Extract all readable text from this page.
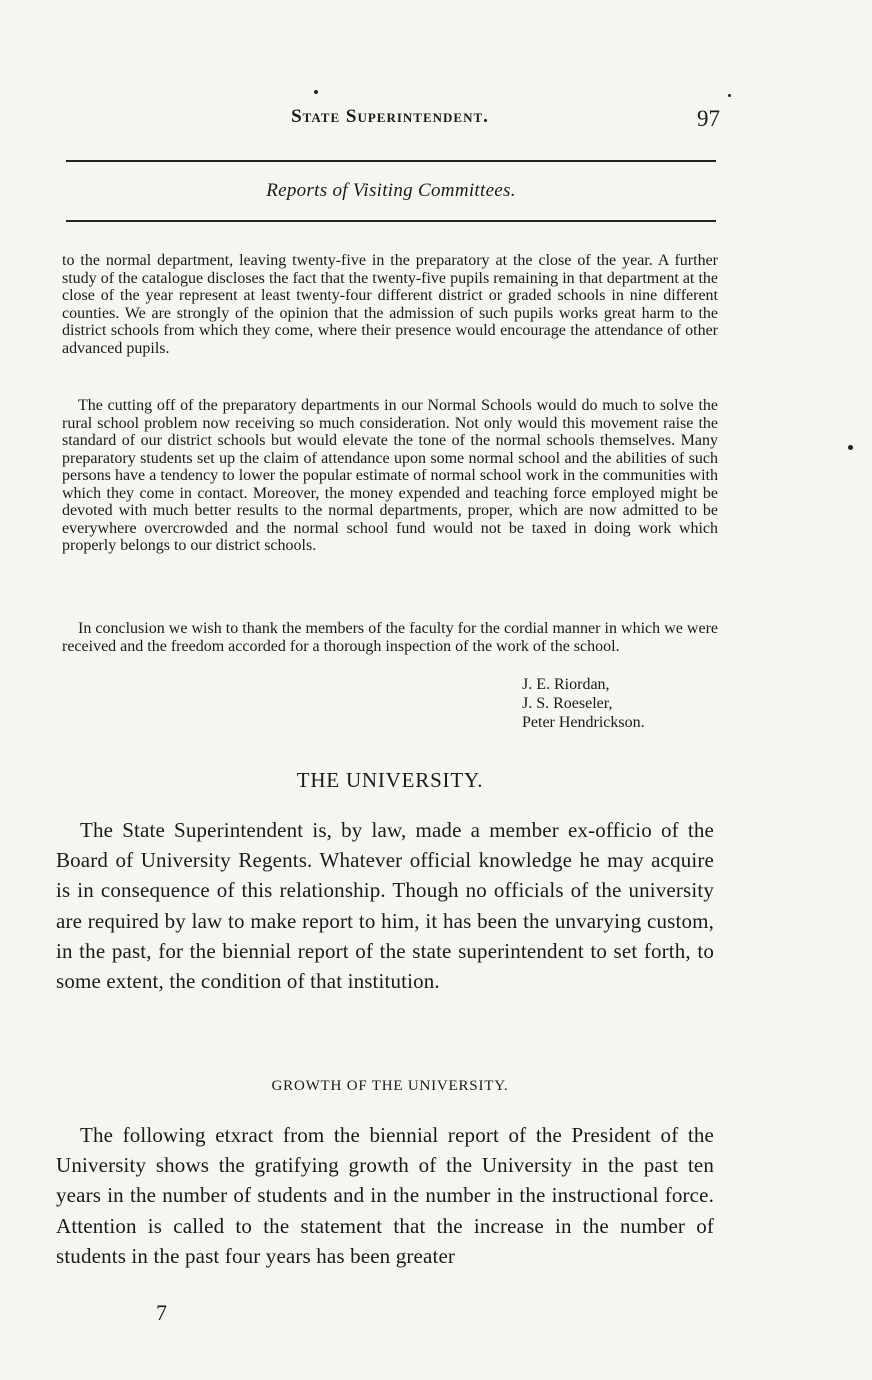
State Superintendent.	97
Reports of Visiting Committees.

to the normal department, leaving twenty-five in the preparatory at the close of the year. A further study of the catalogue discloses the fact that the twenty-five pupils remaining in that department at the close of the year represent at least twenty-four different district or graded schools in nine different counties. We are strongly of the opinion that the admission of such pupils works great harm to the district schools from which they come, where their presence would encourage the attendance of other advanced pupils.

The cutting off of the preparatory departments in our Normal Schools would do much to solve the rural school problem now receiving so much consideration. Not only would this movement raise the standard of our district schools but would elevate the tone of the normal schools themselves. Many preparatory students set up the claim of attendance upon some normal school and the abilities of such persons have a tendency to lower the popular estimate of normal school work in the communities with which they come in contact. Moreover, the money expended and teaching force employed might be devoted with much better results to the normal departments, proper, which are now admitted to be everywhere overcrowded and the normal school fund would not be taxed in doing work which properly belongs to our district schools.

In conclusion we wish to thank the members of the faculty for the cordial manner in which we were received and the freedom accorded for a thorough inspection of the work of the school.

J. E. Riordan,
J. S. Roeseler,
Peter Hendrickson.
THE UNIVERSITY.

The State Superintendent is, by law, made a member ex-officio of the Board of University Regents. Whatever official knowledge he may acquire is in consequence of this relationship. Though no officials of the university are required by law to make report to him, it has been the unvarying custom, in the past, for the biennial report of the state superintendent to set forth, to some extent, the condition of that institution.

GROWTH OF THE UNIVERSITY.

The following etxract from the biennial report of the President of the University shows the gratifying growth of the University in the past ten years in the number of students and in the number in the instructional force. Attention is called to the statement that the increase in the number of students in the past four years has been greater

7
